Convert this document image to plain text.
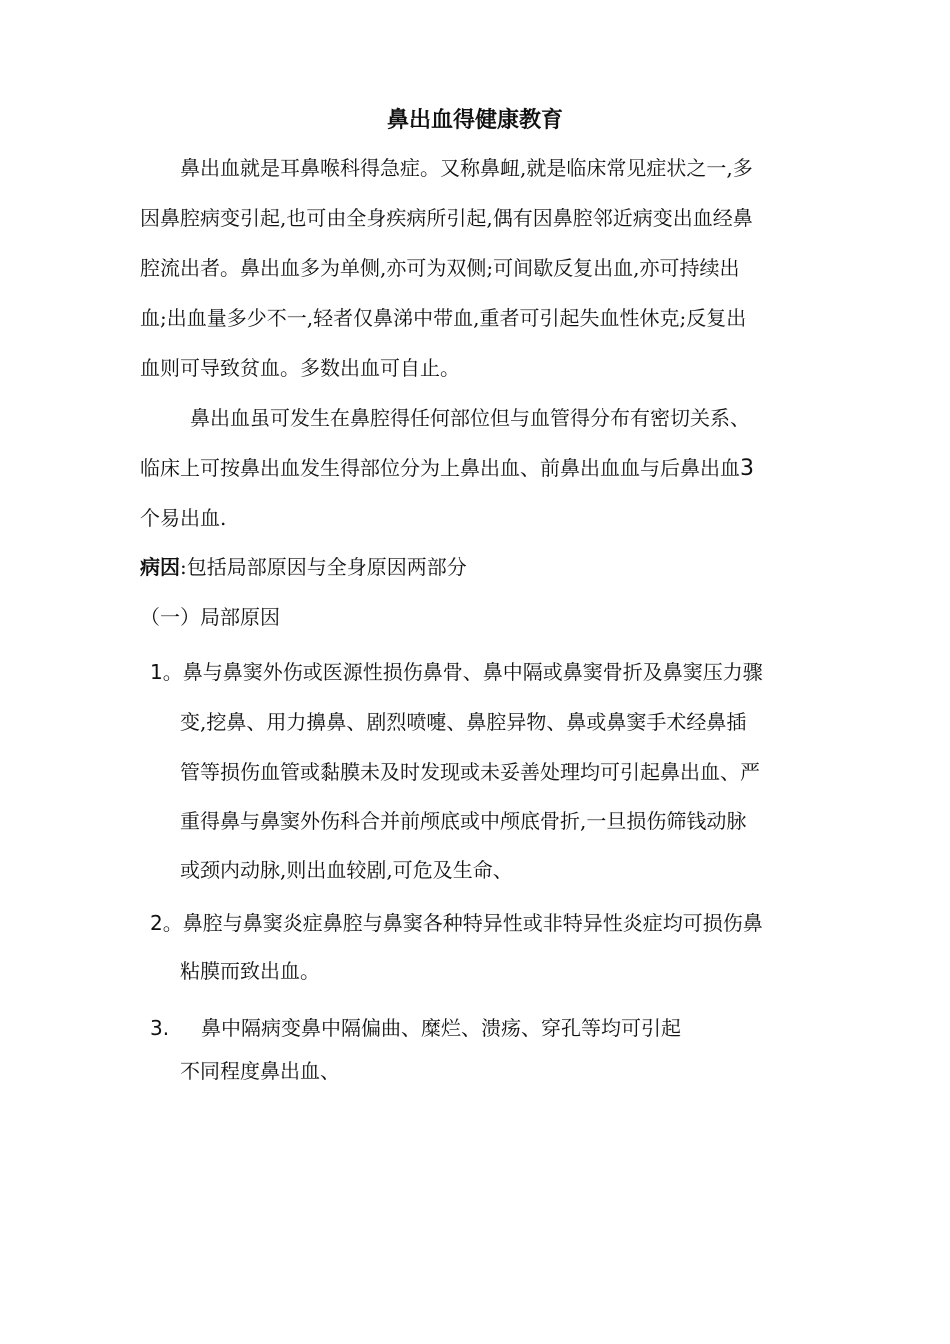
鼻出血得健康教育

鼻出血就是耳鼻喉科得急症。又称鼻衄,就是临床常见症状之一,多

因鼻腔病变引起,也可由全身疾病所引起,偶有因鼻腔邻近病变出血经鼻

腔流出者。鼻出血多为单侧,亦可为双侧;可间歇反复出血,亦可持续出

血;出血量多少不一,轻者仅鼻涕中带血,重者可引起失血性休克;反复出

血则可导致贫血。多数出血可自止。

鼻出血虽可发生在鼻腔得任何部位但与血管得分布有密切关系、

临床上可按鼻出血发生得部位分为上鼻出血、前鼻出血血与后鼻出血3

个易出血.

病因:包括局部原因与全身原因两部分

（一）局部原因

1。鼻与鼻窦外伤或医源性损伤鼻骨、鼻中隔或鼻窦骨折及鼻窦压力骤

变,挖鼻、用力擤鼻、剧烈喷嚏、鼻腔异物、鼻或鼻窦手术经鼻插

管等损伤血管或黏膜未及时发现或未妥善处理均可引起鼻出血、严

重得鼻与鼻窦外伤科合并前颅底或中颅底骨折,一旦损伤筛钱动脉

或颈内动脉,则出血较剧,可危及生命、

2。鼻腔与鼻窦炎症鼻腔与鼻窦各种特异性或非特异性炎症均可损伤鼻

粘膜而致出血。

3. 鼻中隔病变鼻中隔偏曲、糜烂、溃疡、穿孔等均可引起

不同程度鼻出血、
